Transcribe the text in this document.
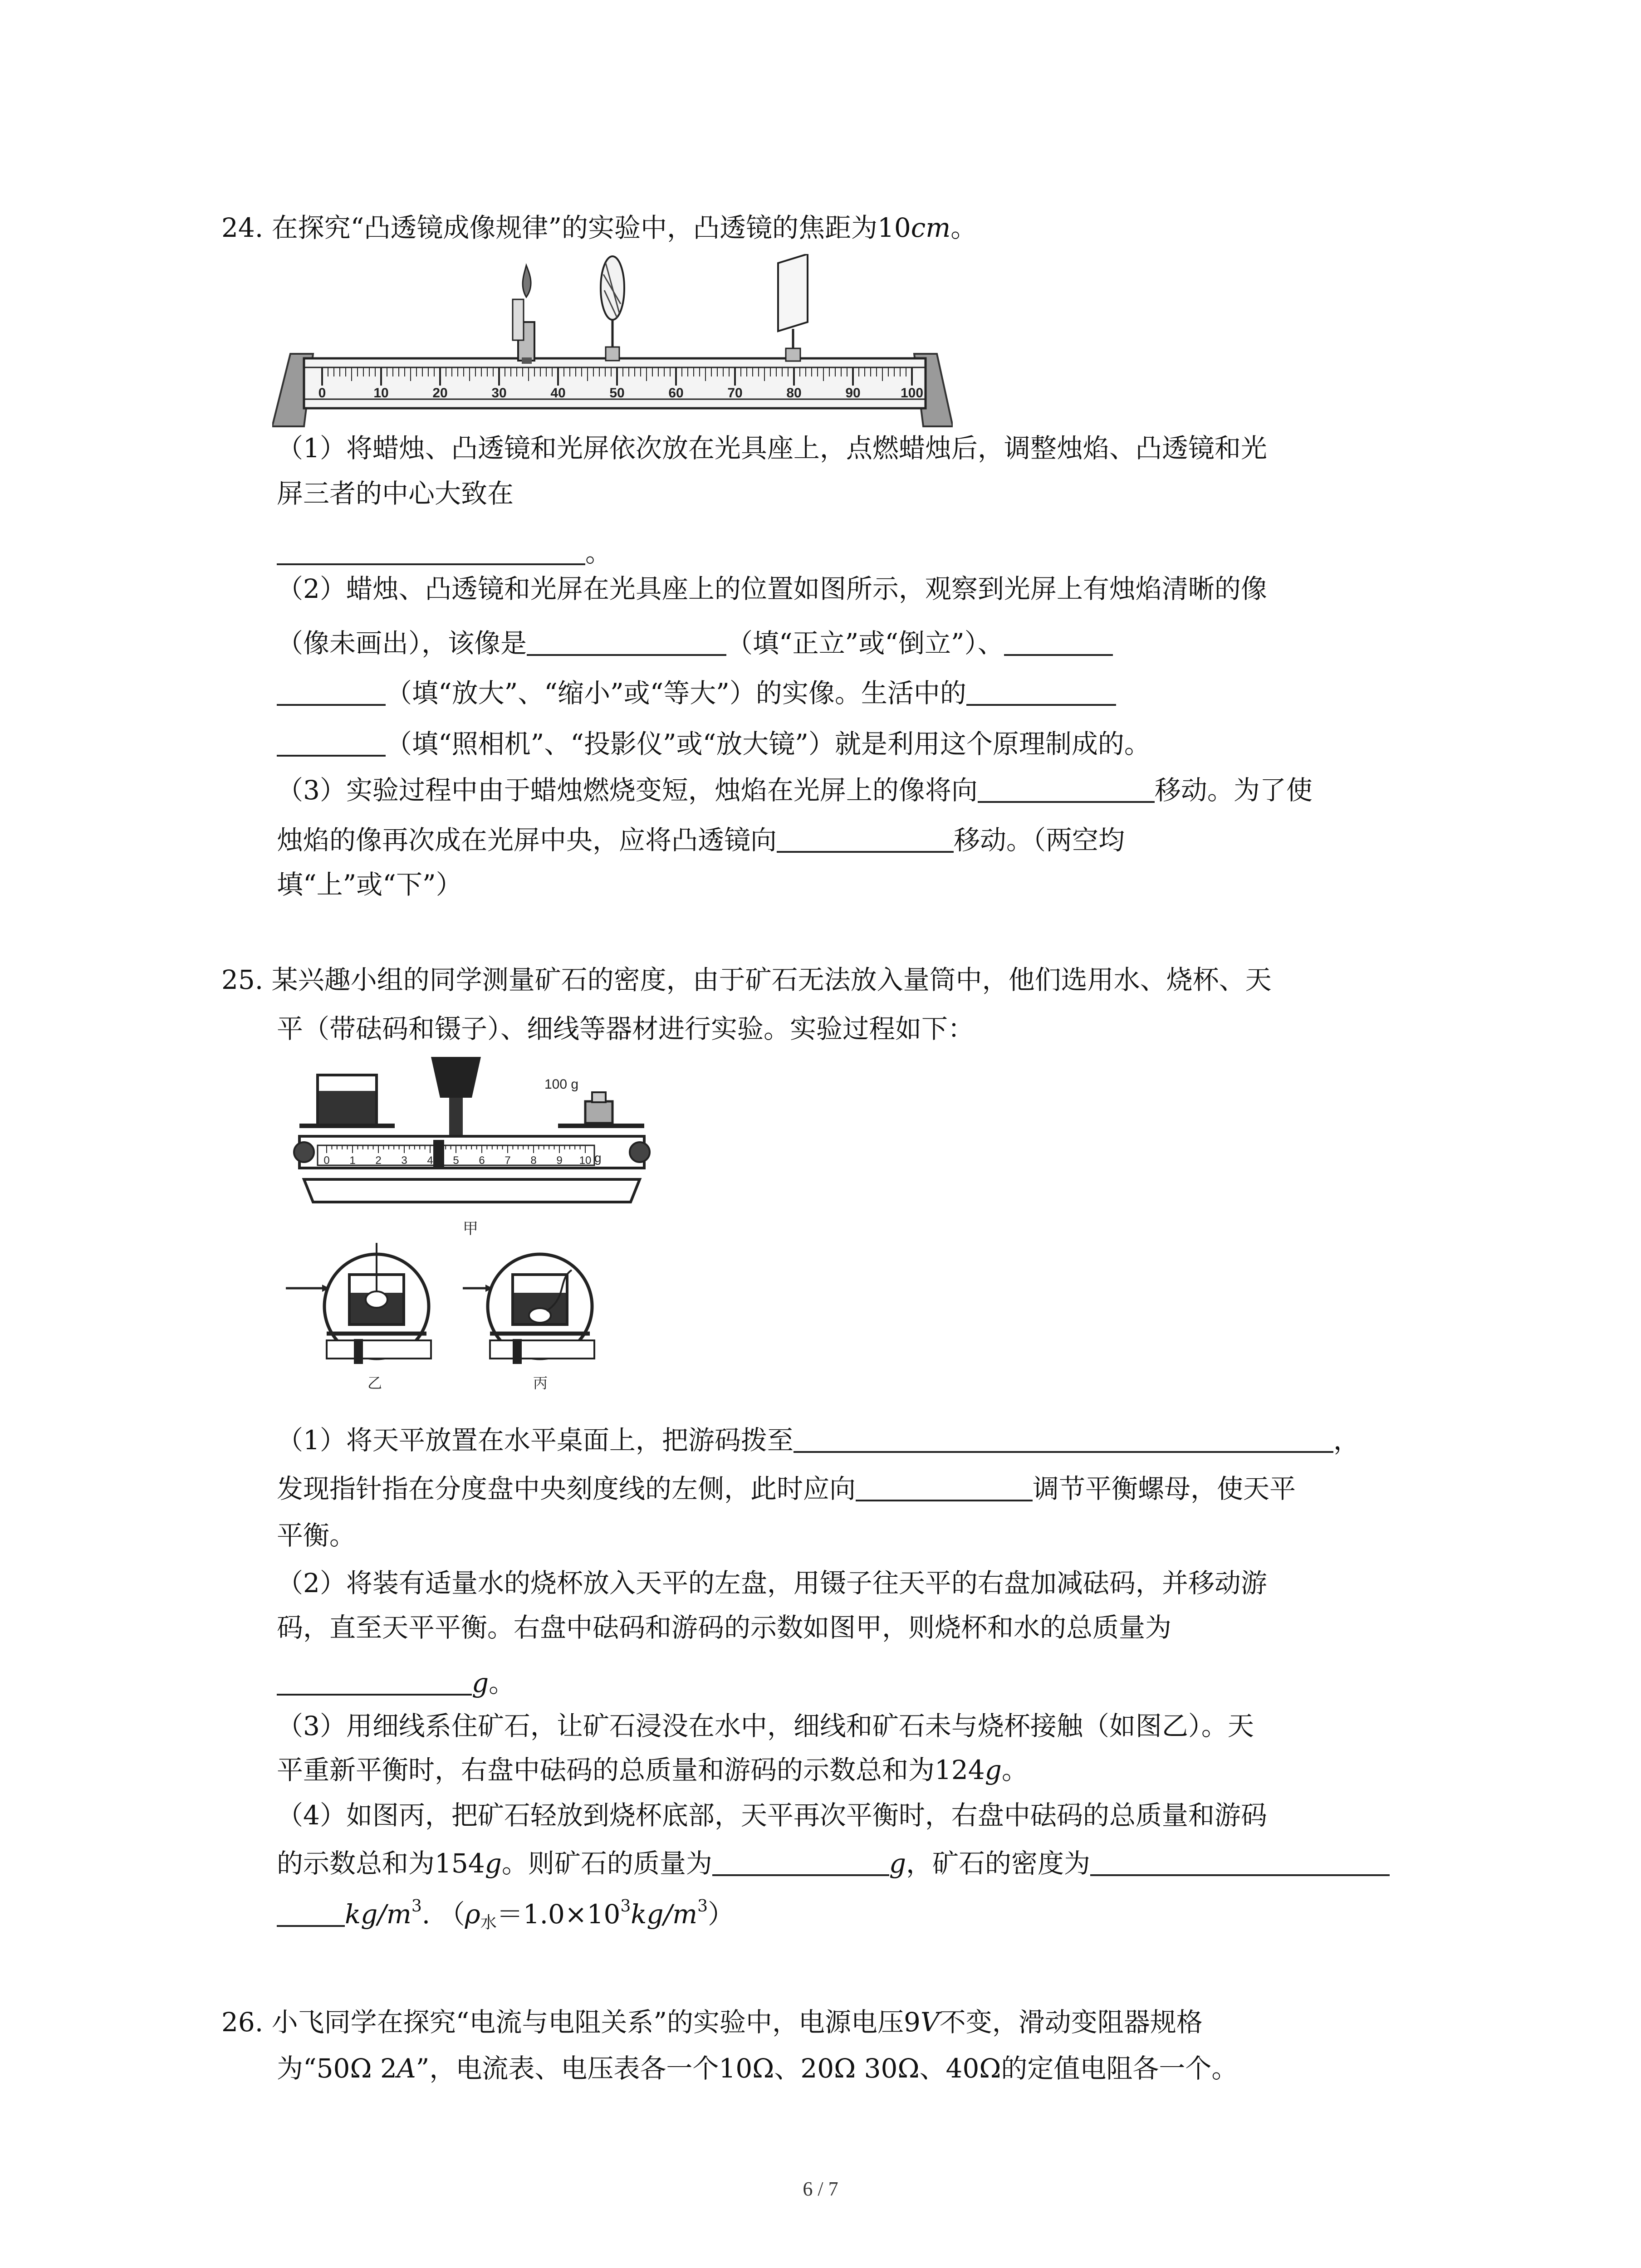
24. 在探究“凸透镜成像规律”的实验中，凸透镜的焦距为10cm。
0	10	20	30	40	50	60	70	80	90	100
（1）将蜡烛、凸透镜和光屏依次放在光具座上，点燃蜡烛后，调整烛焰、凸透镜和光
屏三者的中心大致在
。
（2）蜡烛、凸透镜和光屏在光具座上的位置如图所示，观察到光屏上有烛焰清晰的像
（像未画出），该像是	（填“正立”或“倒立”）、
（填“放大”、“缩小”或“等大”）的实像。生活中的
（填“照相机”、“投影仪”或“放大镜”）就是利用这个原理制成的。
（3）实验过程中由于蜡烛燃烧变短，烛焰在光屏上的像将向	移动。为了使
烛焰的像再次成在光屏中央，应将凸透镜向	移动。（两空均
填“上”或“下”）
25. 某兴趣小组的同学测量矿石的密度，由于矿石无法放入量筒中，他们选用水、烧杯、天
平（带砝码和镊子）、细线等器材进行实验。实验过程如下：
100 g
0 1 2 3 4 5 6 7 8 9 10 g
甲
乙	丙
（1）将天平放置在水平桌面上，把游码拨至	，
发现指针指在分度盘中央刻度线的左侧，此时应向	调节平衡螺母，使天平
平衡。
（2）将装有适量水的烧杯放入天平的左盘，用镊子往天平的右盘加减砝码，并移动游
码，直至天平平衡。右盘中砝码和游码的示数如图甲，则烧杯和水的总质量为
g。
（3）用细线系住矿石，让矿石浸没在水中，细线和矿石未与烧杯接触（如图乙）。天
平重新平衡时，右盘中砝码的总质量和游码的示数总和为124g。
（4）如图丙，把矿石轻放到烧杯底部，天平再次平衡时，右盘中砝码的总质量和游码
的示数总和为154g。则矿石的质量为	g，矿石的密度为
$kg/m^3$. $(\rho_水=1.0\times 10^3kg/m^3)$
26. 小飞同学在探究“电流与电阻关系”的实验中，电源电压9V不变，滑动变阻器规格
为“50Ω 2A”，电流表、电压表各一个10Ω、20Ω 30Ω、40Ω的定值电阻各一个。
6 / 7
